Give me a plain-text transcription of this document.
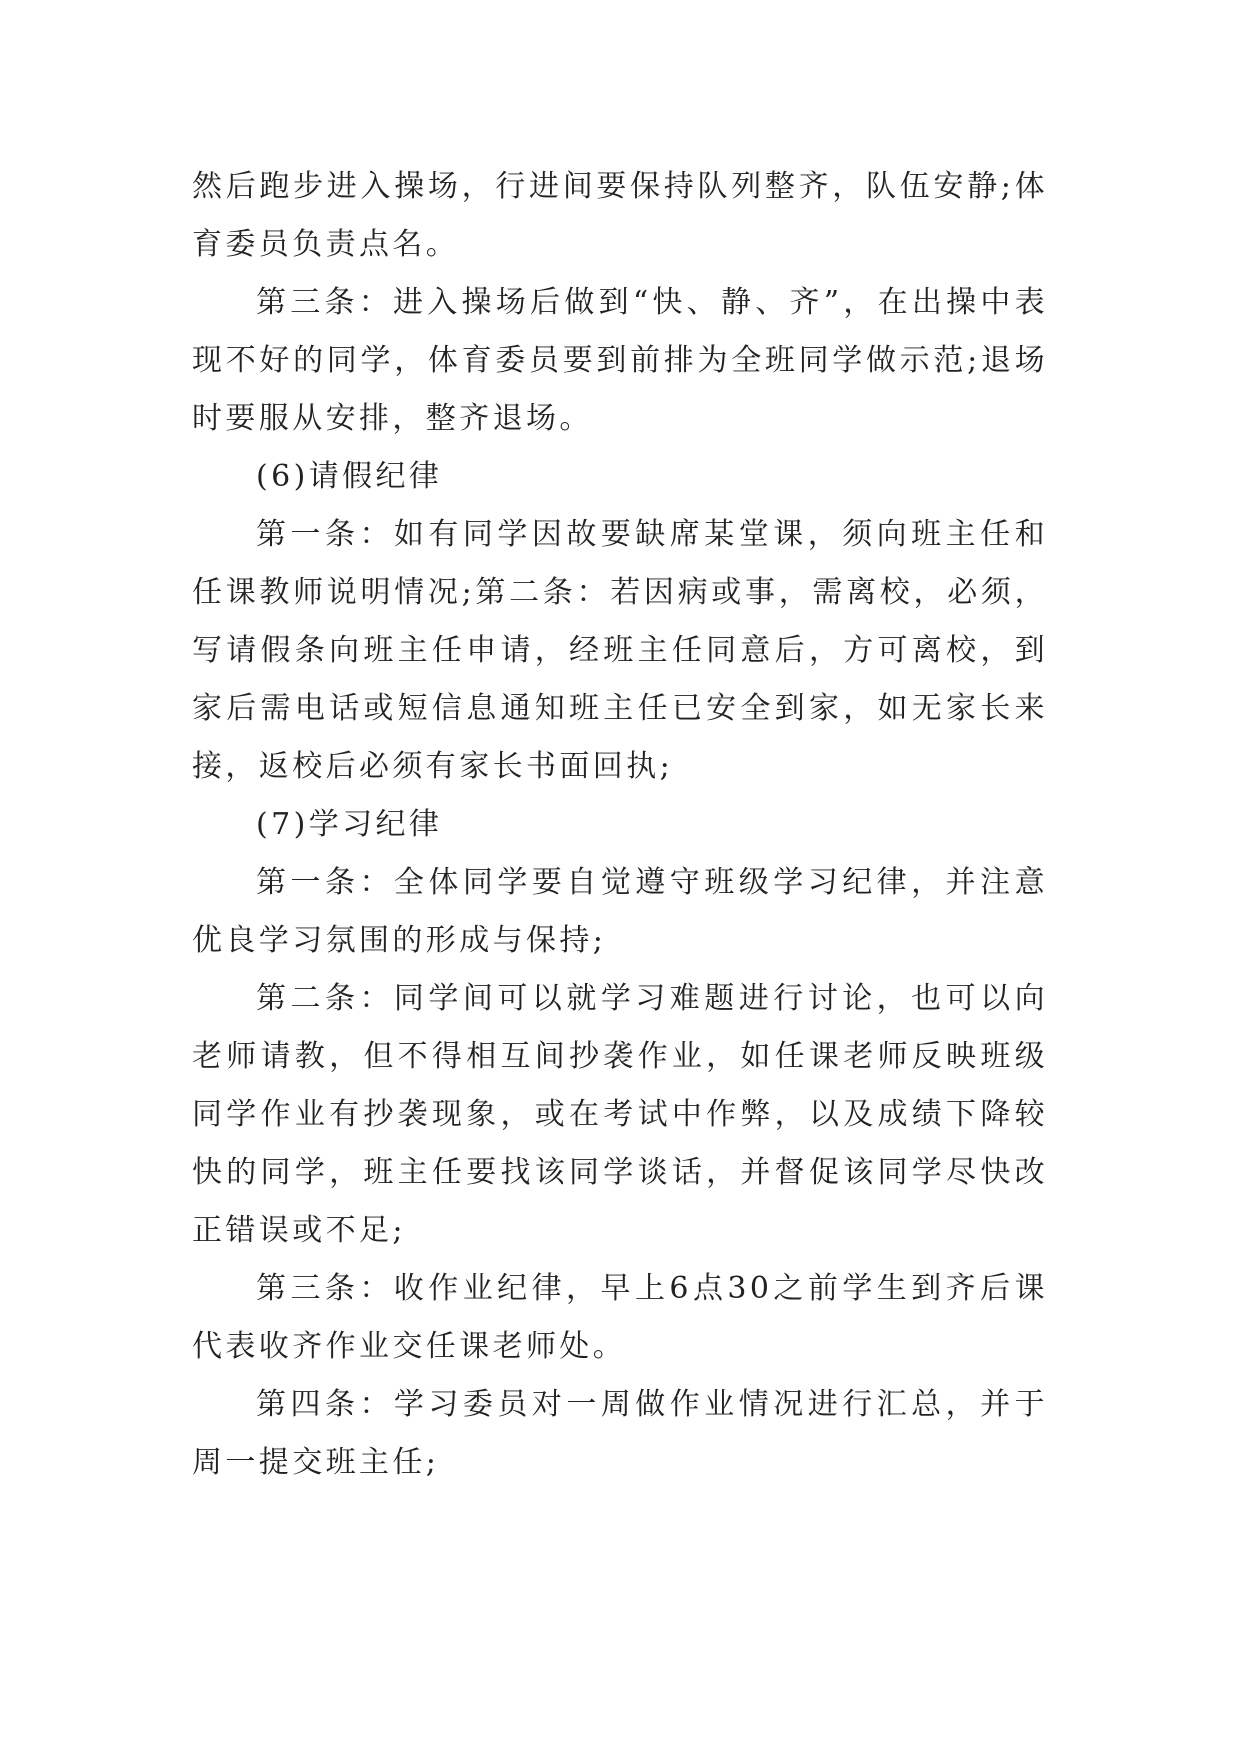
然后跑步进入操场，行进间要保持队列整齐，队伍安静;体育委员负责点名。

第三条：进入操场后做到“快、静、齐”，在出操中表现不好的同学，体育委员要到前排为全班同学做示范;退场时要服从安排，整齐退场。

(6)请假纪律

第一条：如有同学因故要缺席某堂课，须向班主任和任课教师说明情况;第二条：若因病或事，需离校，必须，写请假条向班主任申请，经班主任同意后，方可离校，到家后需电话或短信息通知班主任已安全到家，如无家长来接，返校后必须有家长书面回执;

(7)学习纪律

第一条：全体同学要自觉遵守班级学习纪律，并注意优良学习氛围的形成与保持;

第二条：同学间可以就学习难题进行讨论，也可以向老师请教，但不得相互间抄袭作业，如任课老师反映班级同学作业有抄袭现象，或在考试中作弊，以及成绩下降较快的同学，班主任要找该同学谈话，并督促该同学尽快改正错误或不足;

第三条：收作业纪律，早上6点30之前学生到齐后课代表收齐作业交任课老师处。

第四条：学习委员对一周做作业情况进行汇总，并于周一提交班主任;
